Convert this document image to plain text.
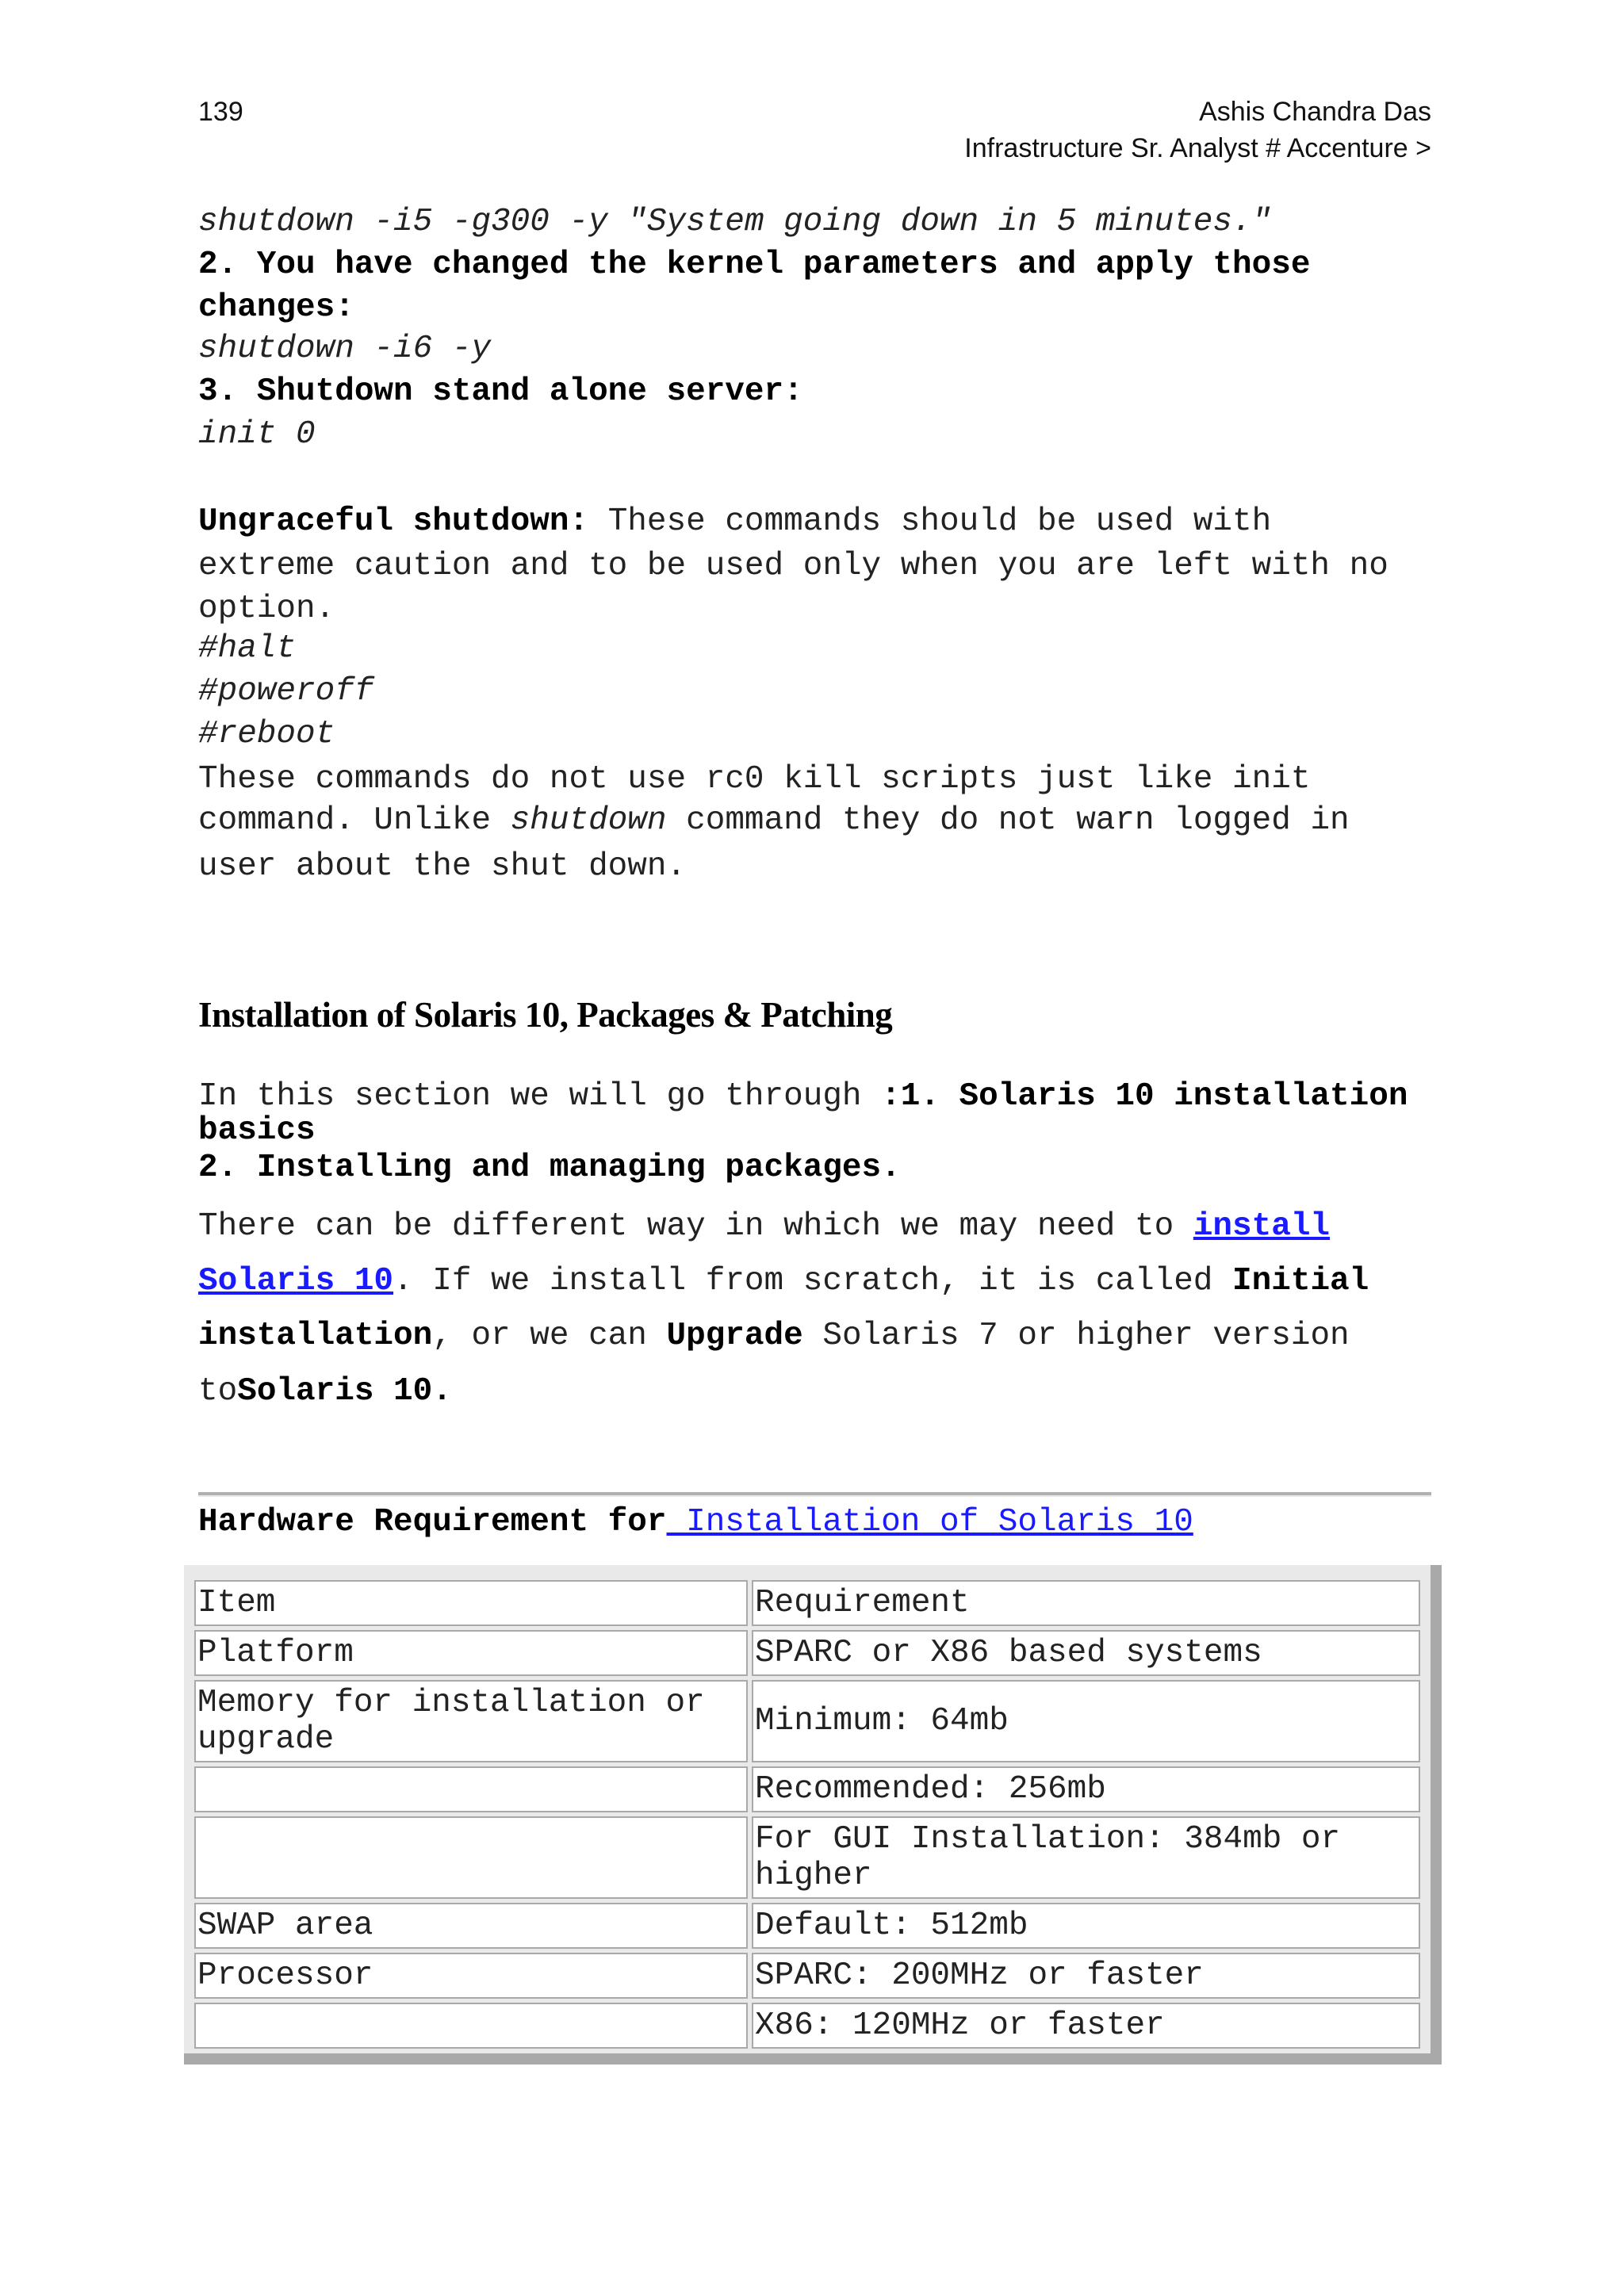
139	Ashis Chandra Das
Infrastructure Sr. Analyst # Accenture >
shutdown -i5 -g300 -y "System going down in 5 minutes."
2. You have changed the kernel parameters and apply those
changes:
shutdown -i6 -y
3. Shutdown stand alone server:
init 0
Ungraceful shutdown: These commands should be used with
extreme caution and to be used only when you are left with no
option.
#halt
#poweroff
#reboot
These commands do not use rc0 kill scripts just like init
command. Unlike shutdown command they do not warn logged in
user about the shut down.
Installation of Solaris 10, Packages & Patching
In this section we will go through :1. Solaris 10 installation
basics
2. Installing and managing packages.
There can be different way in which we may need to install
Solaris 10. If we install from scratch, it is called Initial
installation, or we can Upgrade Solaris 7 or higher version
toSolaris 10.
Hardware Requirement for Installation of Solaris 10
Item	Requirement
Platform	SPARC or X86 based systems
Memory for installation or
upgrade	Minimum: 64mb
	Recommended: 256mb
	For GUI Installation: 384mb or
higher
SWAP area	Default: 512mb
Processor	SPARC: 200MHz or faster
	X86: 120MHz or faster
